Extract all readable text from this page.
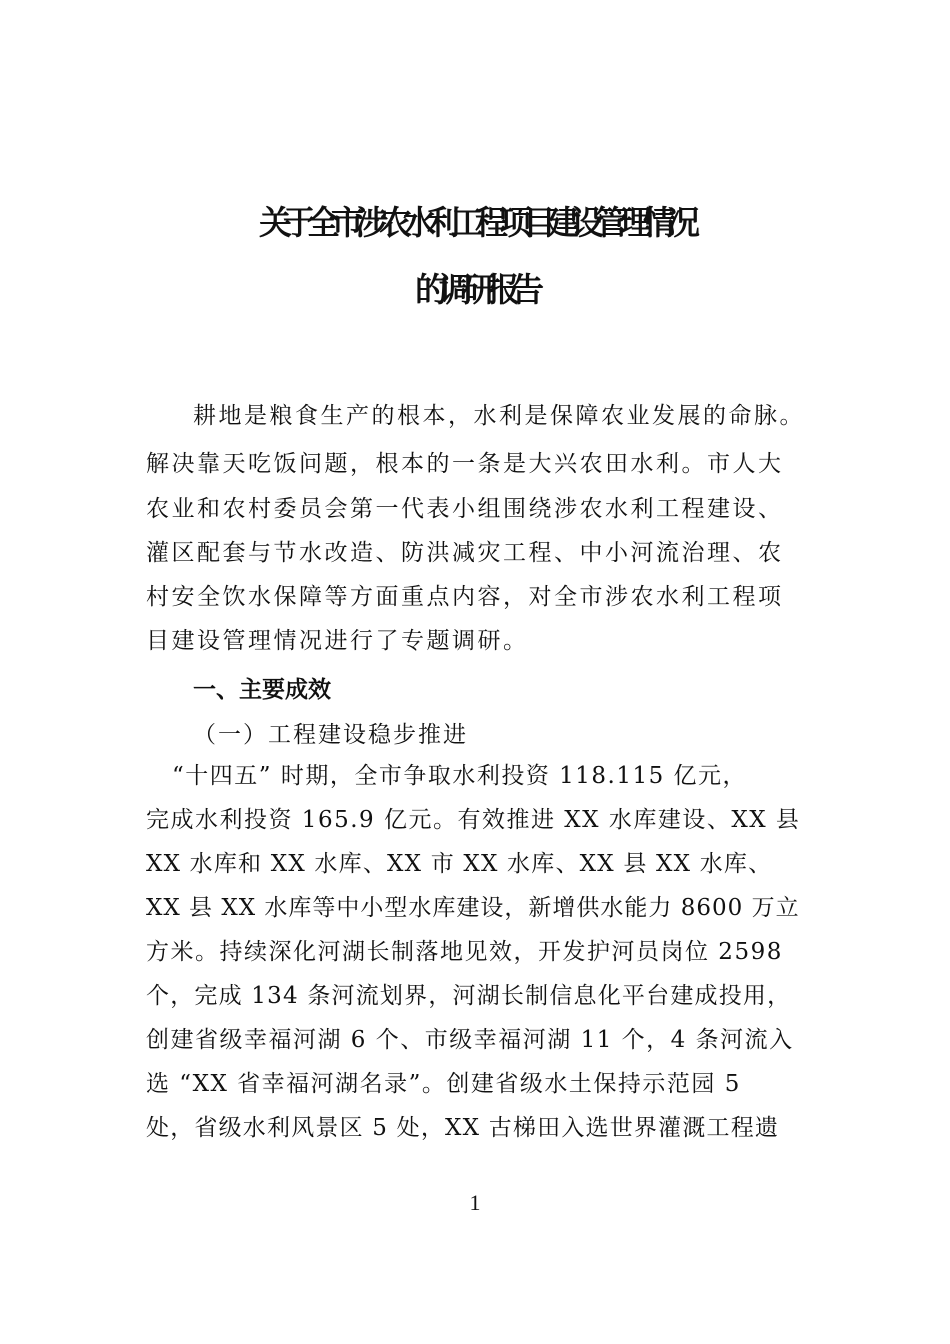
关于全市涉农水利工程项目建设管理情况
的调研报告
耕地是粮食生产的根本，水利是保障农业发展的命脉。
解决靠天吃饭问题，根本的一条是大兴农田水利。市人大
农业和农村委员会第一代表小组围绕涉农水利工程建设、
灌区配套与节水改造、防洪减灾工程、中小河流治理、农
村安全饮水保障等方面重点内容，对全市涉农水利工程项
目建设管理情况进行了专题调研。
一、主要成效
（一）工程建设稳步推进
“十四五” 时期，全市争取水利投资 118.115 亿元，
完成水利投资 165.9 亿元。有效推进 XX 水库建设、XX 县
XX 水库和 XX 水库、XX 市 XX 水库、XX 县 XX 水库、
XX 县 XX 水库等中小型水库建设，新增供水能力 8600 万立
方米。持续深化河湖长制落地见效，开发护河员岗位 2598
个，完成 134 条河流划界，河湖长制信息化平台建成投用，
创建省级幸福河湖 6 个、市级幸福河湖 11 个，4 条河流入
选 “XX 省幸福河湖名录”。创建省级水土保持示范园 5
处，省级水利风景区 5 处，XX 古梯田入选世界灌溉工程遗
1
